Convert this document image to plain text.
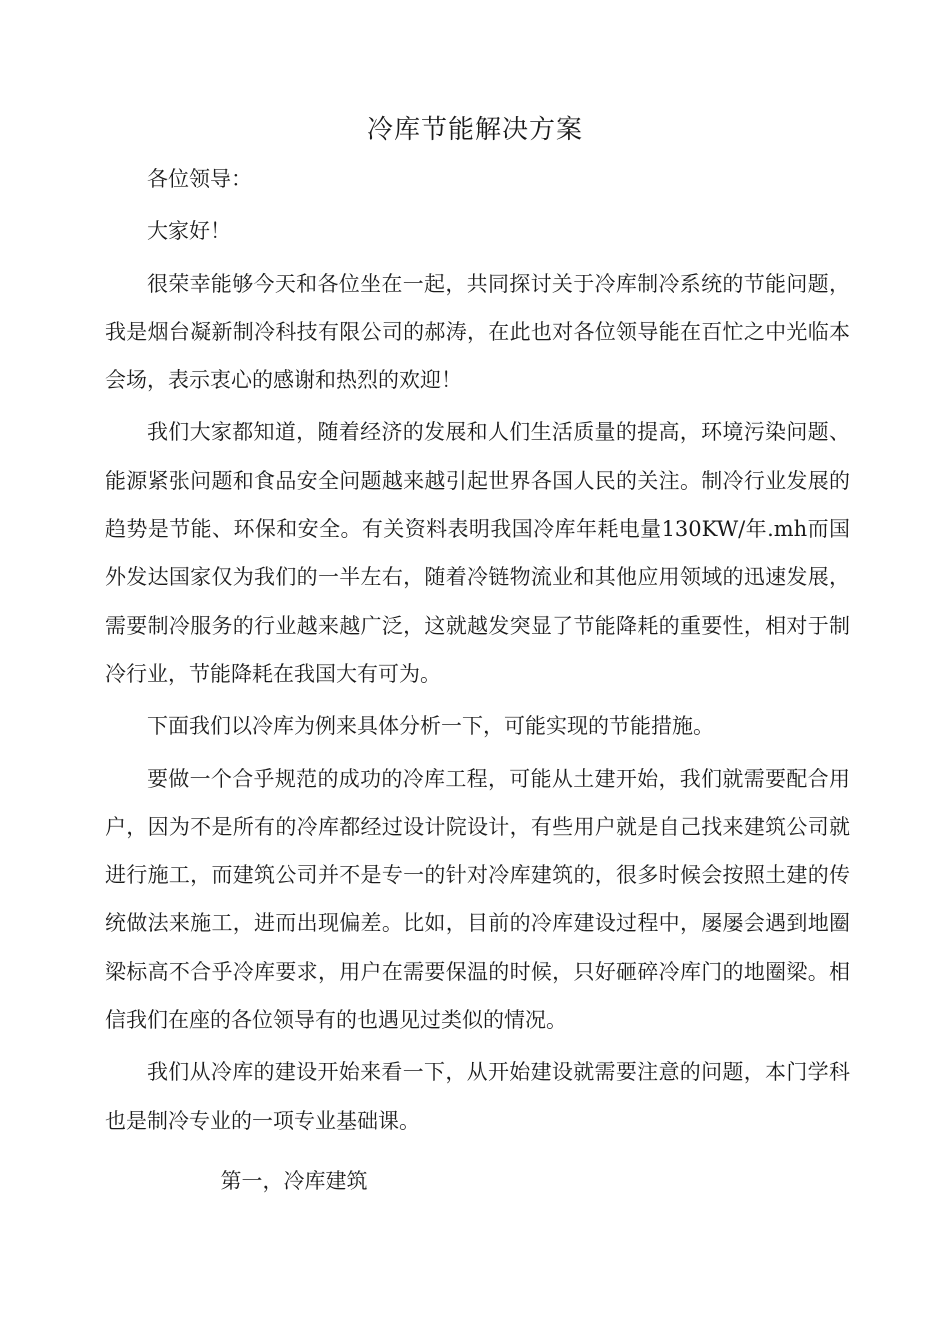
冷库节能解决方案

各位领导：

大家好！

很荣幸能够今天和各位坐在一起，共同探讨关于冷库制冷系统的节能问题，我是烟台凝新制冷科技有限公司的郝涛，在此也对各位领导能在百忙之中光临本会场，表示衷心的感谢和热烈的欢迎！

我们大家都知道，随着经济的发展和人们生活质量的提高，环境污染问题、能源紧张问题和食品安全问题越来越引起世界各国人民的关注。制冷行业发展的趋势是节能、环保和安全。有关资料表明我国冷库年耗电量130KW/年.mh而国外发达国家仅为我们的一半左右，随着冷链物流业和其他应用领域的迅速发展，需要制冷服务的行业越来越广泛，这就越发突显了节能降耗的重要性，相对于制冷行业，节能降耗在我国大有可为。

下面我们以冷库为例来具体分析一下，可能实现的节能措施。

要做一个合乎规范的成功的冷库工程，可能从土建开始，我们就需要配合用户，因为不是所有的冷库都经过设计院设计，有些用户就是自己找来建筑公司就进行施工，而建筑公司并不是专一的针对冷库建筑的，很多时候会按照土建的传统做法来施工，进而出现偏差。比如，目前的冷库建设过程中，屡屡会遇到地圈梁标高不合乎冷库要求，用户在需要保温的时候，只好砸碎冷库门的地圈梁。相信我们在座的各位领导有的也遇见过类似的情况。

我们从冷库的建设开始来看一下，从开始建设就需要注意的问题，本门学科也是制冷专业的一项专业基础课。

第一，冷库建筑
